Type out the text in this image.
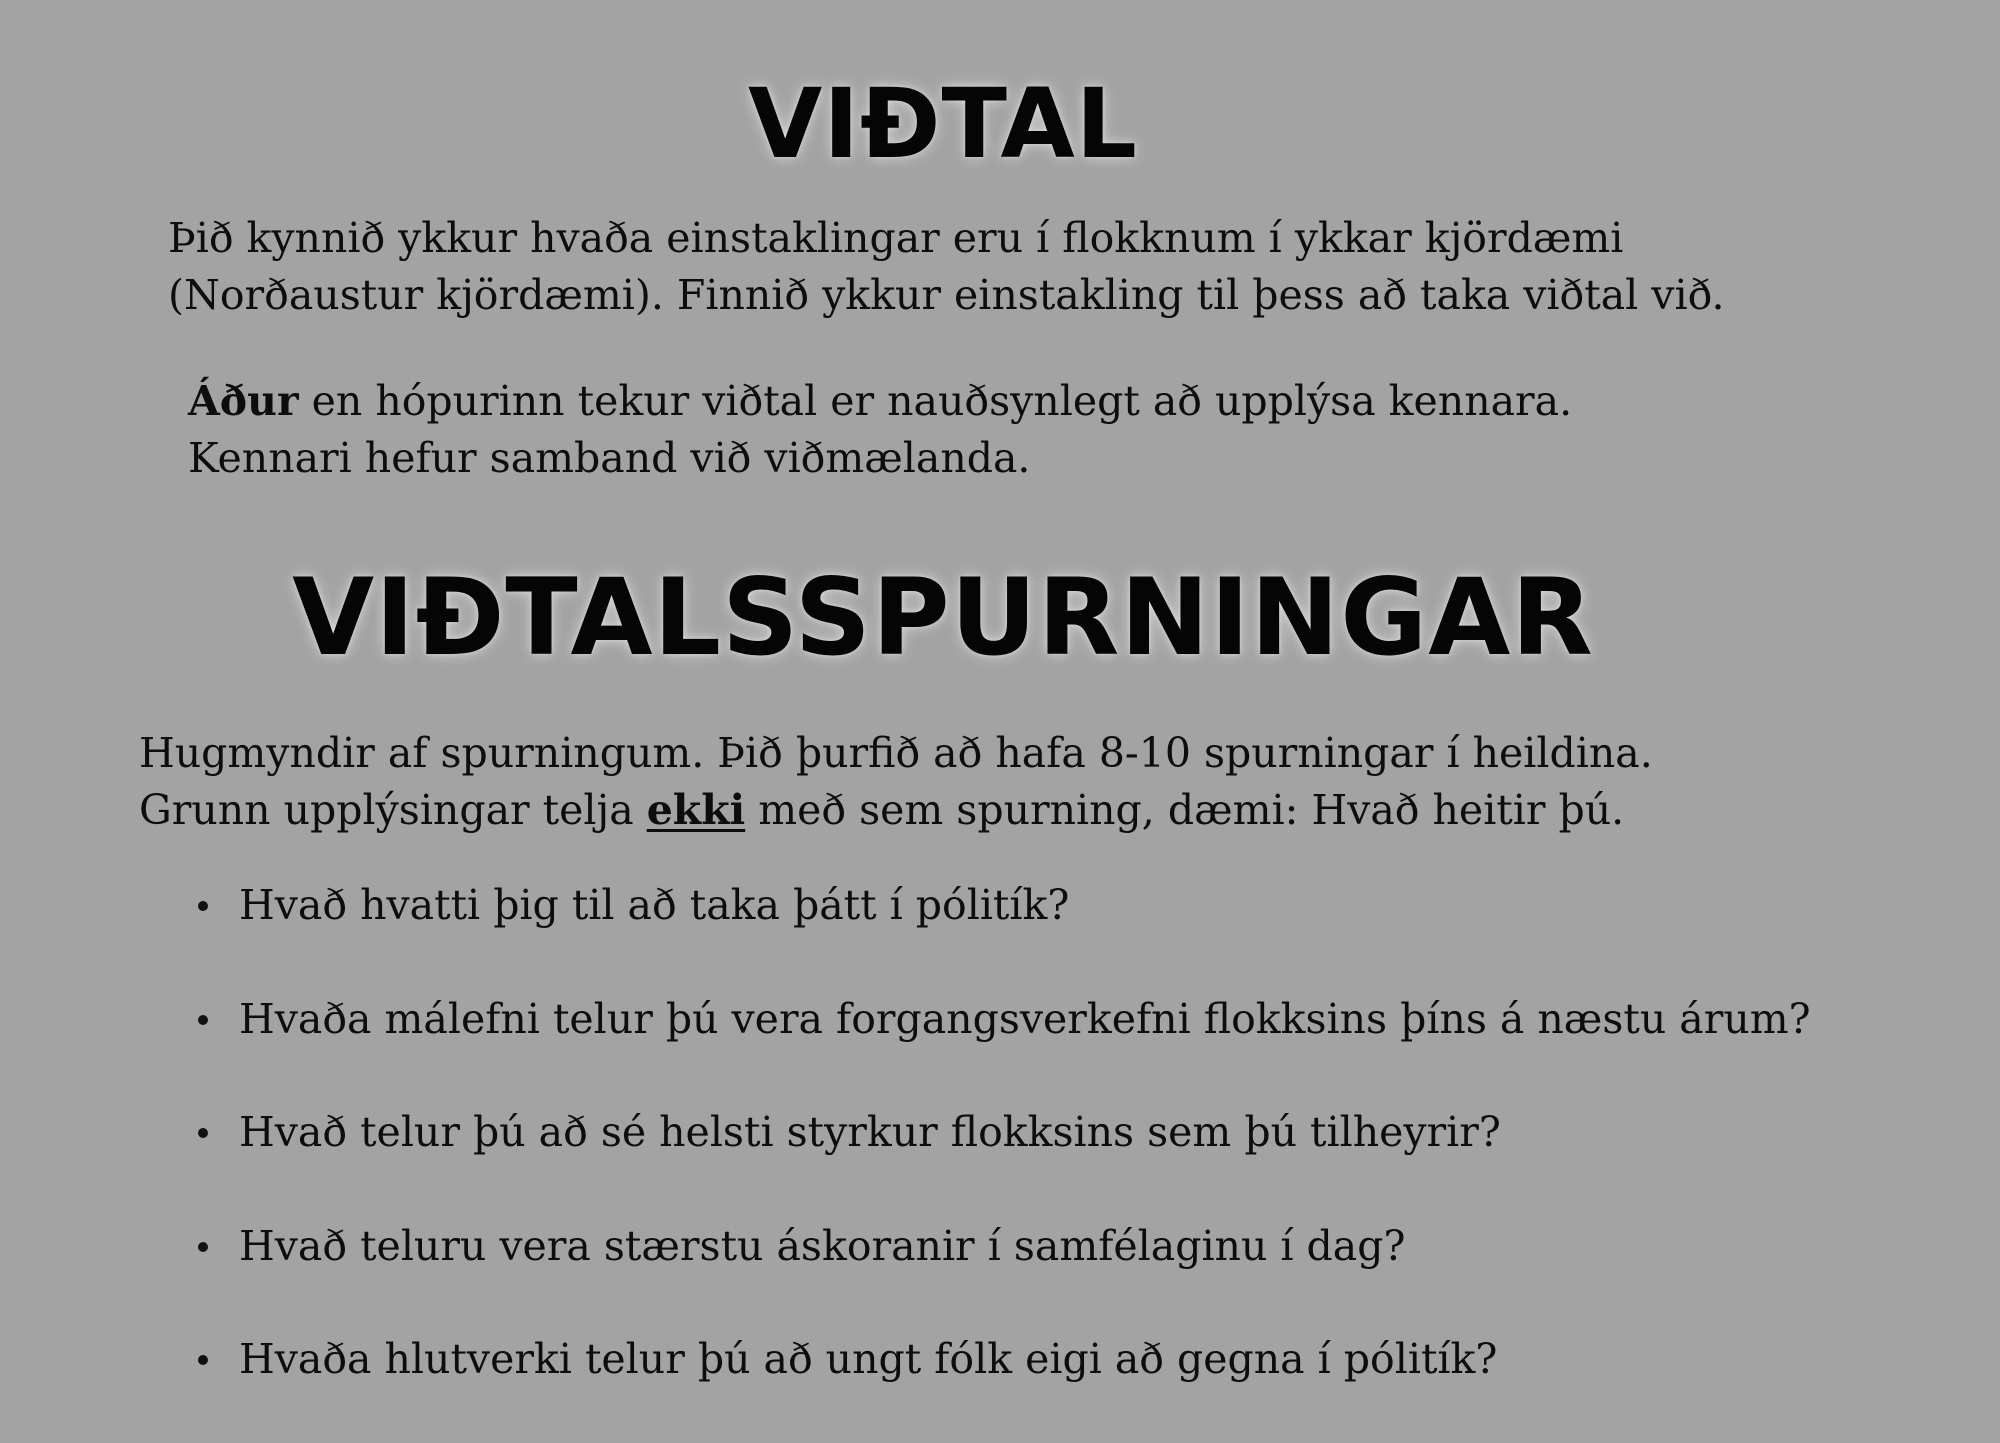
VIÐTAL

Þið kynnið ykkur hvaða einstaklingar eru í flokknum í ykkar kjördæmi
(Norðaustur kjördæmi). Finnið ykkur einstakling til þess að taka viðtal við.

Áður en hópurinn tekur viðtal er nauðsynlegt að upplýsa kennara.
Kennari hefur samband við viðmælanda.

VIÐTALSSPURNINGAR

Hugmyndir af spurningum. Þið þurfið að hafa 8-10 spurningar í heildina.
Grunn upplýsingar telja ekki með sem spurning, dæmi: Hvað heitir þú.

Hvað hvatti þig til að taka þátt í pólitík?
Hvaða málefni telur þú vera forgangsverkefni flokksins þíns á næstu árum?
Hvað telur þú að sé helsti styrkur flokksins sem þú tilheyrir?
Hvað teluru vera stærstu áskoranir í samfélaginu í dag?
Hvaða hlutverki telur þú að ungt fólk eigi að gegna í pólitík?
